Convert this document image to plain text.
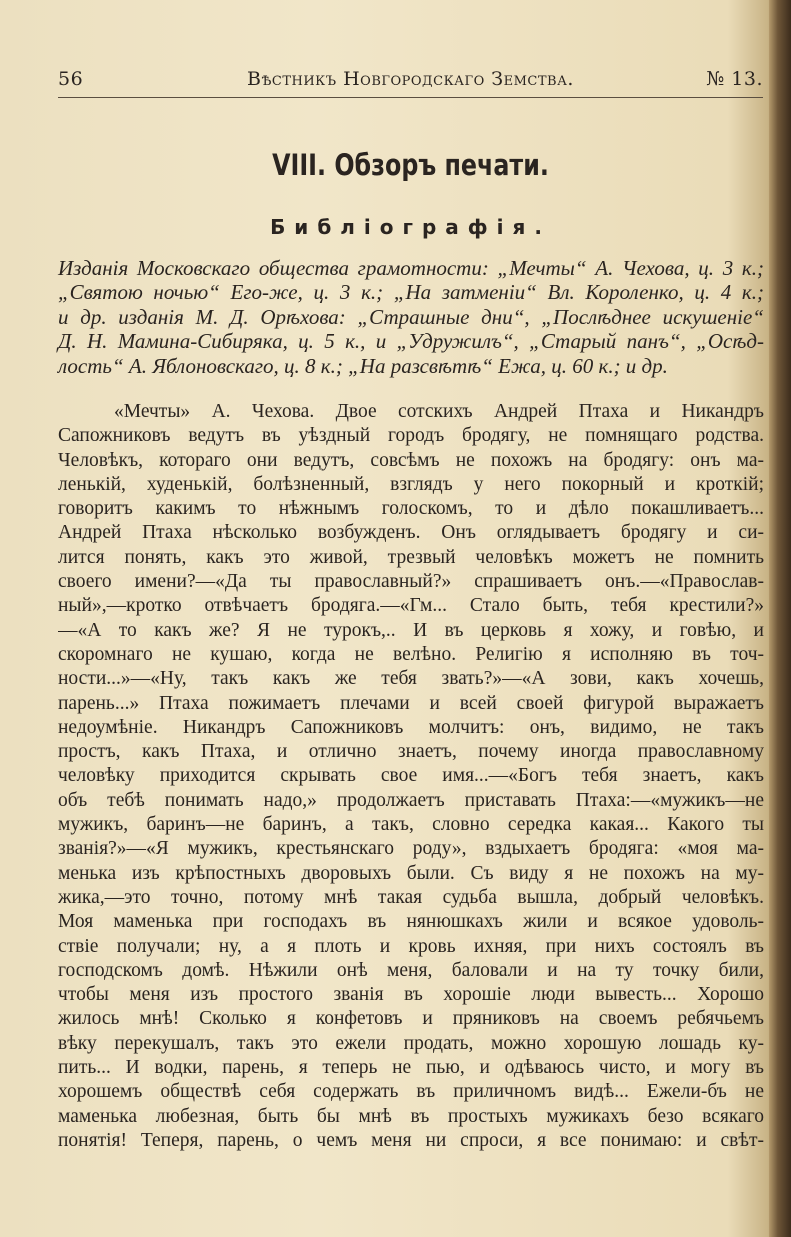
56	Вѣстникъ Новгородскаго Земства.	№ 13.
VIII. Обзоръ печати.
Библіографія.
Изданія Московскаго общества грамотности: „Мечты“ А. Чехова, ц. 3 к.;
„Святою ночью“ Его-же, ц. 3 к.; „На затменіи“ Вл. Короленко, ц. 4 к.;
и др. изданія М. Д. Орѣхова: „Страшные дни“, „Послѣднее искушеніе“
Д. Н. Мамина-Сибиряка, ц. 5 к., и „Удружилъ“, „Старый панъ“, „Осѣд-
лость“ А. Яблоновскаго, ц. 8 к.; „На разсвѣтѣ“ Ежа, ц. 60 к.; и др.
«Мечты» А. Чехова. Двое сотскихъ Андрей Птаха и Никандръ
Сапожниковъ ведутъ въ уѣздный городъ бродягу, не помнящаго родства.
Человѣкъ, котораго они ведутъ, совсѣмъ не похожъ на бродягу: онъ ма-
ленькій, худенькій, болѣзненный, взглядъ у него покорный и кроткій;
говоритъ какимъ то нѣжнымъ голоскомъ, то и дѣло покашливаетъ...
Андрей Птаха нѣсколько возбужденъ. Онъ оглядываетъ бродягу и си-
лится понять, какъ это живой, трезвый человѣкъ можетъ не помнить
своего имени?—«Да ты православный?» спрашиваетъ онъ.—«Православ-
ный»,—кротко отвѣчаетъ бродяга.—«Гм... Стало быть, тебя крестили?»
—«А то какъ же? Я не турокъ,.. И въ церковь я хожу, и говѣю, и
скоромнаго не кушаю, когда не велѣно. Религію я исполняю въ точ-
ности...»—«Ну, такъ какъ же тебя звать?»—«А зови, какъ хочешь,
парень...» Птаха пожимаетъ плечами и всей своей фигурой выражаетъ
недоумѣніе. Никандръ Сапожниковъ молчитъ: онъ, видимо, не такъ
простъ, какъ Птаха, и отлично знаетъ, почему иногда православному
человѣку приходится скрывать свое имя...—«Богъ тебя знаетъ, какъ
объ тебѣ понимать надо,» продолжаетъ приставать Птаха:—«мужикъ—не
мужикъ, баринъ—не баринъ, а такъ, словно середка какая... Какого ты
званія?»—«Я мужикъ, крестьянскаго роду», вздыхаетъ бродяга: «моя ма-
менька изъ крѣпостныхъ дворовыхъ были. Съ виду я не похожъ на му-
жика,—это точно, потому мнѣ такая судьба вышла, добрый человѣкъ.
Моя маменька при господахъ въ нянюшкахъ жили и всякое удоволь-
ствіе получали; ну, а я плоть и кровь ихняя, при нихъ состоялъ въ
господскомъ домѣ. Нѣжили онѣ меня, баловали и на ту точку били,
чтобы меня изъ простого званія въ хорошіе люди вывесть... Хорошо
жилось мнѣ! Сколько я конфетовъ и пряниковъ на своемъ ребячьемъ
вѣку перекушалъ, такъ это ежели продать, можно хорошую лошадь ку-
пить... И водки, парень, я теперь не пью, и одѣваюсь чисто, и могу въ
хорошемъ обществѣ себя содержать въ приличномъ видѣ... Ежели-бъ не
маменька любезная, быть бы мнѣ въ простыхъ мужикахъ безо всякаго
понятія! Теперя, парень, о чемъ меня ни спроси, я все понимаю: и свѣт-
